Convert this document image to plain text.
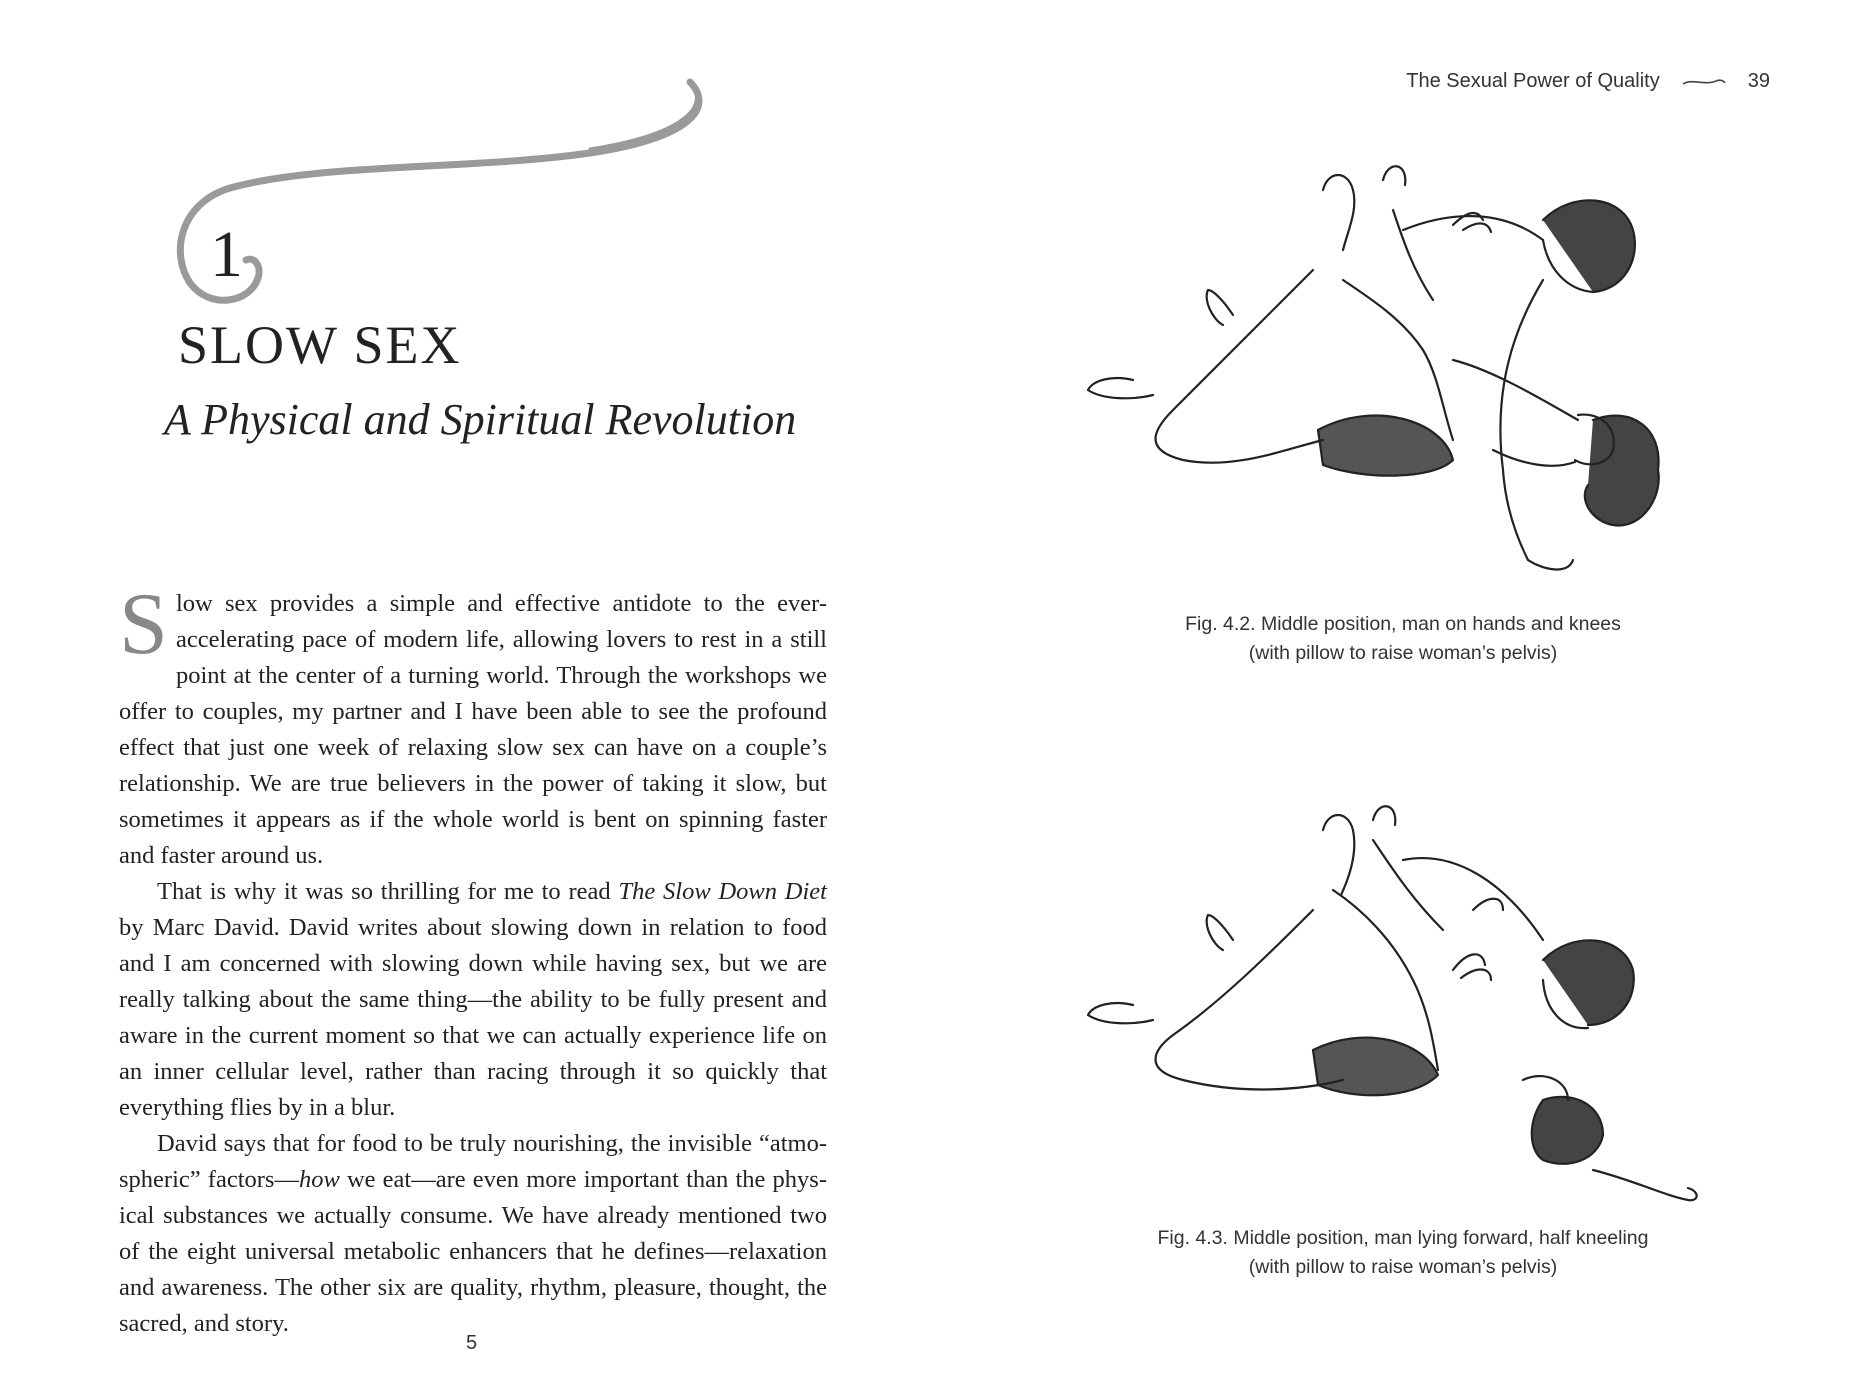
1
SLOW SEX
A Physical and Spiritual Revolution

Slow sex provides a simple and effective antidote to the ever-accelerating pace of modern life, allowing lovers to rest in a still point at the center of a turning world. Through the workshops we offer to couples, my partner and I have been able to see the profound effect that just one week of relaxing slow sex can have on a couple’s relationship. We are true believers in the power of taking it slow, but sometimes it appears as if the whole world is bent on spinning faster and faster around us.

That is why it was so thrilling for me to read The Slow Down Diet by Marc David. David writes about slowing down in relation to food and I am concerned with slowing down while having sex, but we are really talking about the same thing—the ability to be fully present and aware in the current moment so that we can actually experience life on an inner cellular level, rather than racing through it so quickly that everything flies by in a blur.

David says that for food to be truly nourishing, the invisible “atmospheric” factors—how we eat—are even more important than the physical substances we actually consume. We have already mentioned two of the eight universal metabolic enhancers that he defines—relaxation and awareness. The other six are quality, rhythm, pleasure, thought, the sacred, and story.

5
The Sexual Power of Quality	39
Fig. 4.2. Middle position, man on hands and knees
(with pillow to raise woman’s pelvis)
Fig. 4.3. Middle position, man lying forward, half kneeling
(with pillow to raise woman’s pelvis)
